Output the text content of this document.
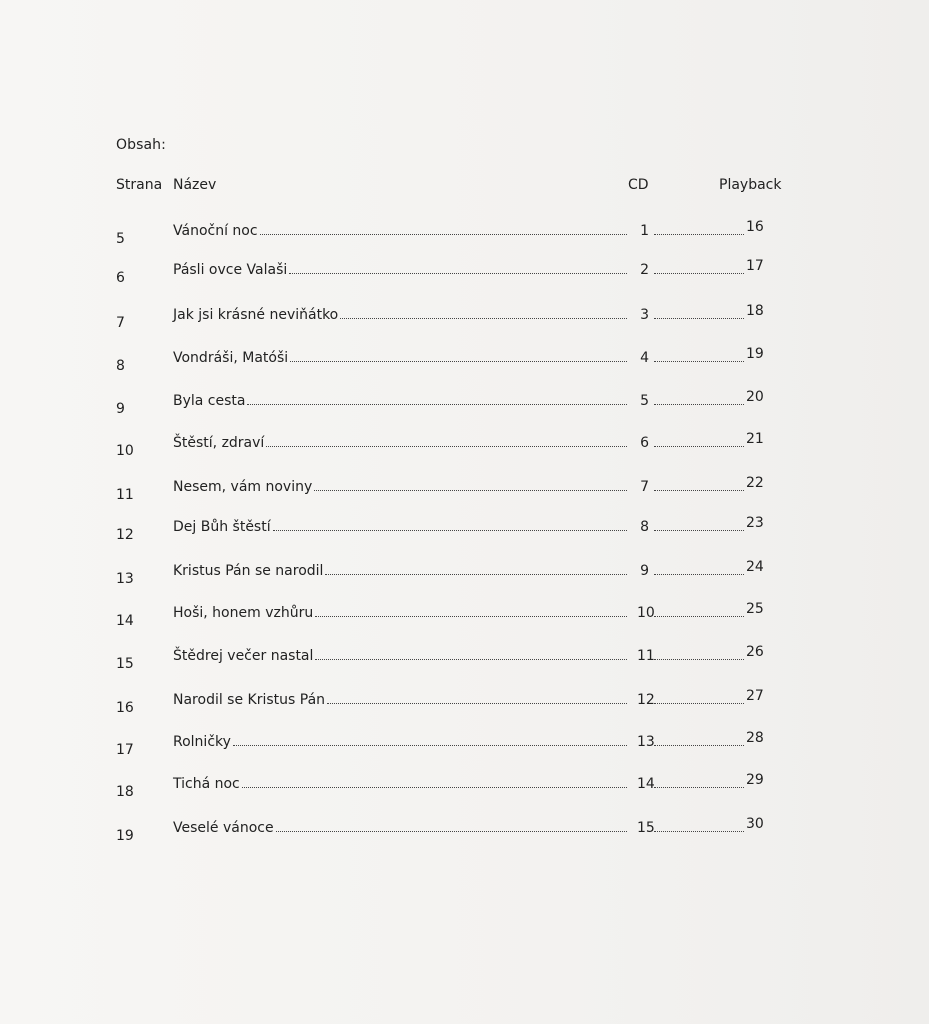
Obsah:
Strana Název	CD	Playback
5	Vánoční noc	1	16
6	Pásli ovce Valaši	2	17
7	Jak jsi krásné neviňátko	3	18
8	Vondráši, Matóši	4	19
9	Byla cesta	5	20
10	Štěstí, zdraví	6	21
11	Nesem, vám noviny	7	22
12	Dej Bůh štěstí	8	23
13	Kristus Pán se narodil	9	24
14	Hoši, honem vzhůru	10	25
15	Štědrej večer nastal	11	26
16	Narodil se Kristus Pán	12	27
17	Rolničky	13	28
18	Tichá noc	14	29
19	Veselé vánoce	15	30
